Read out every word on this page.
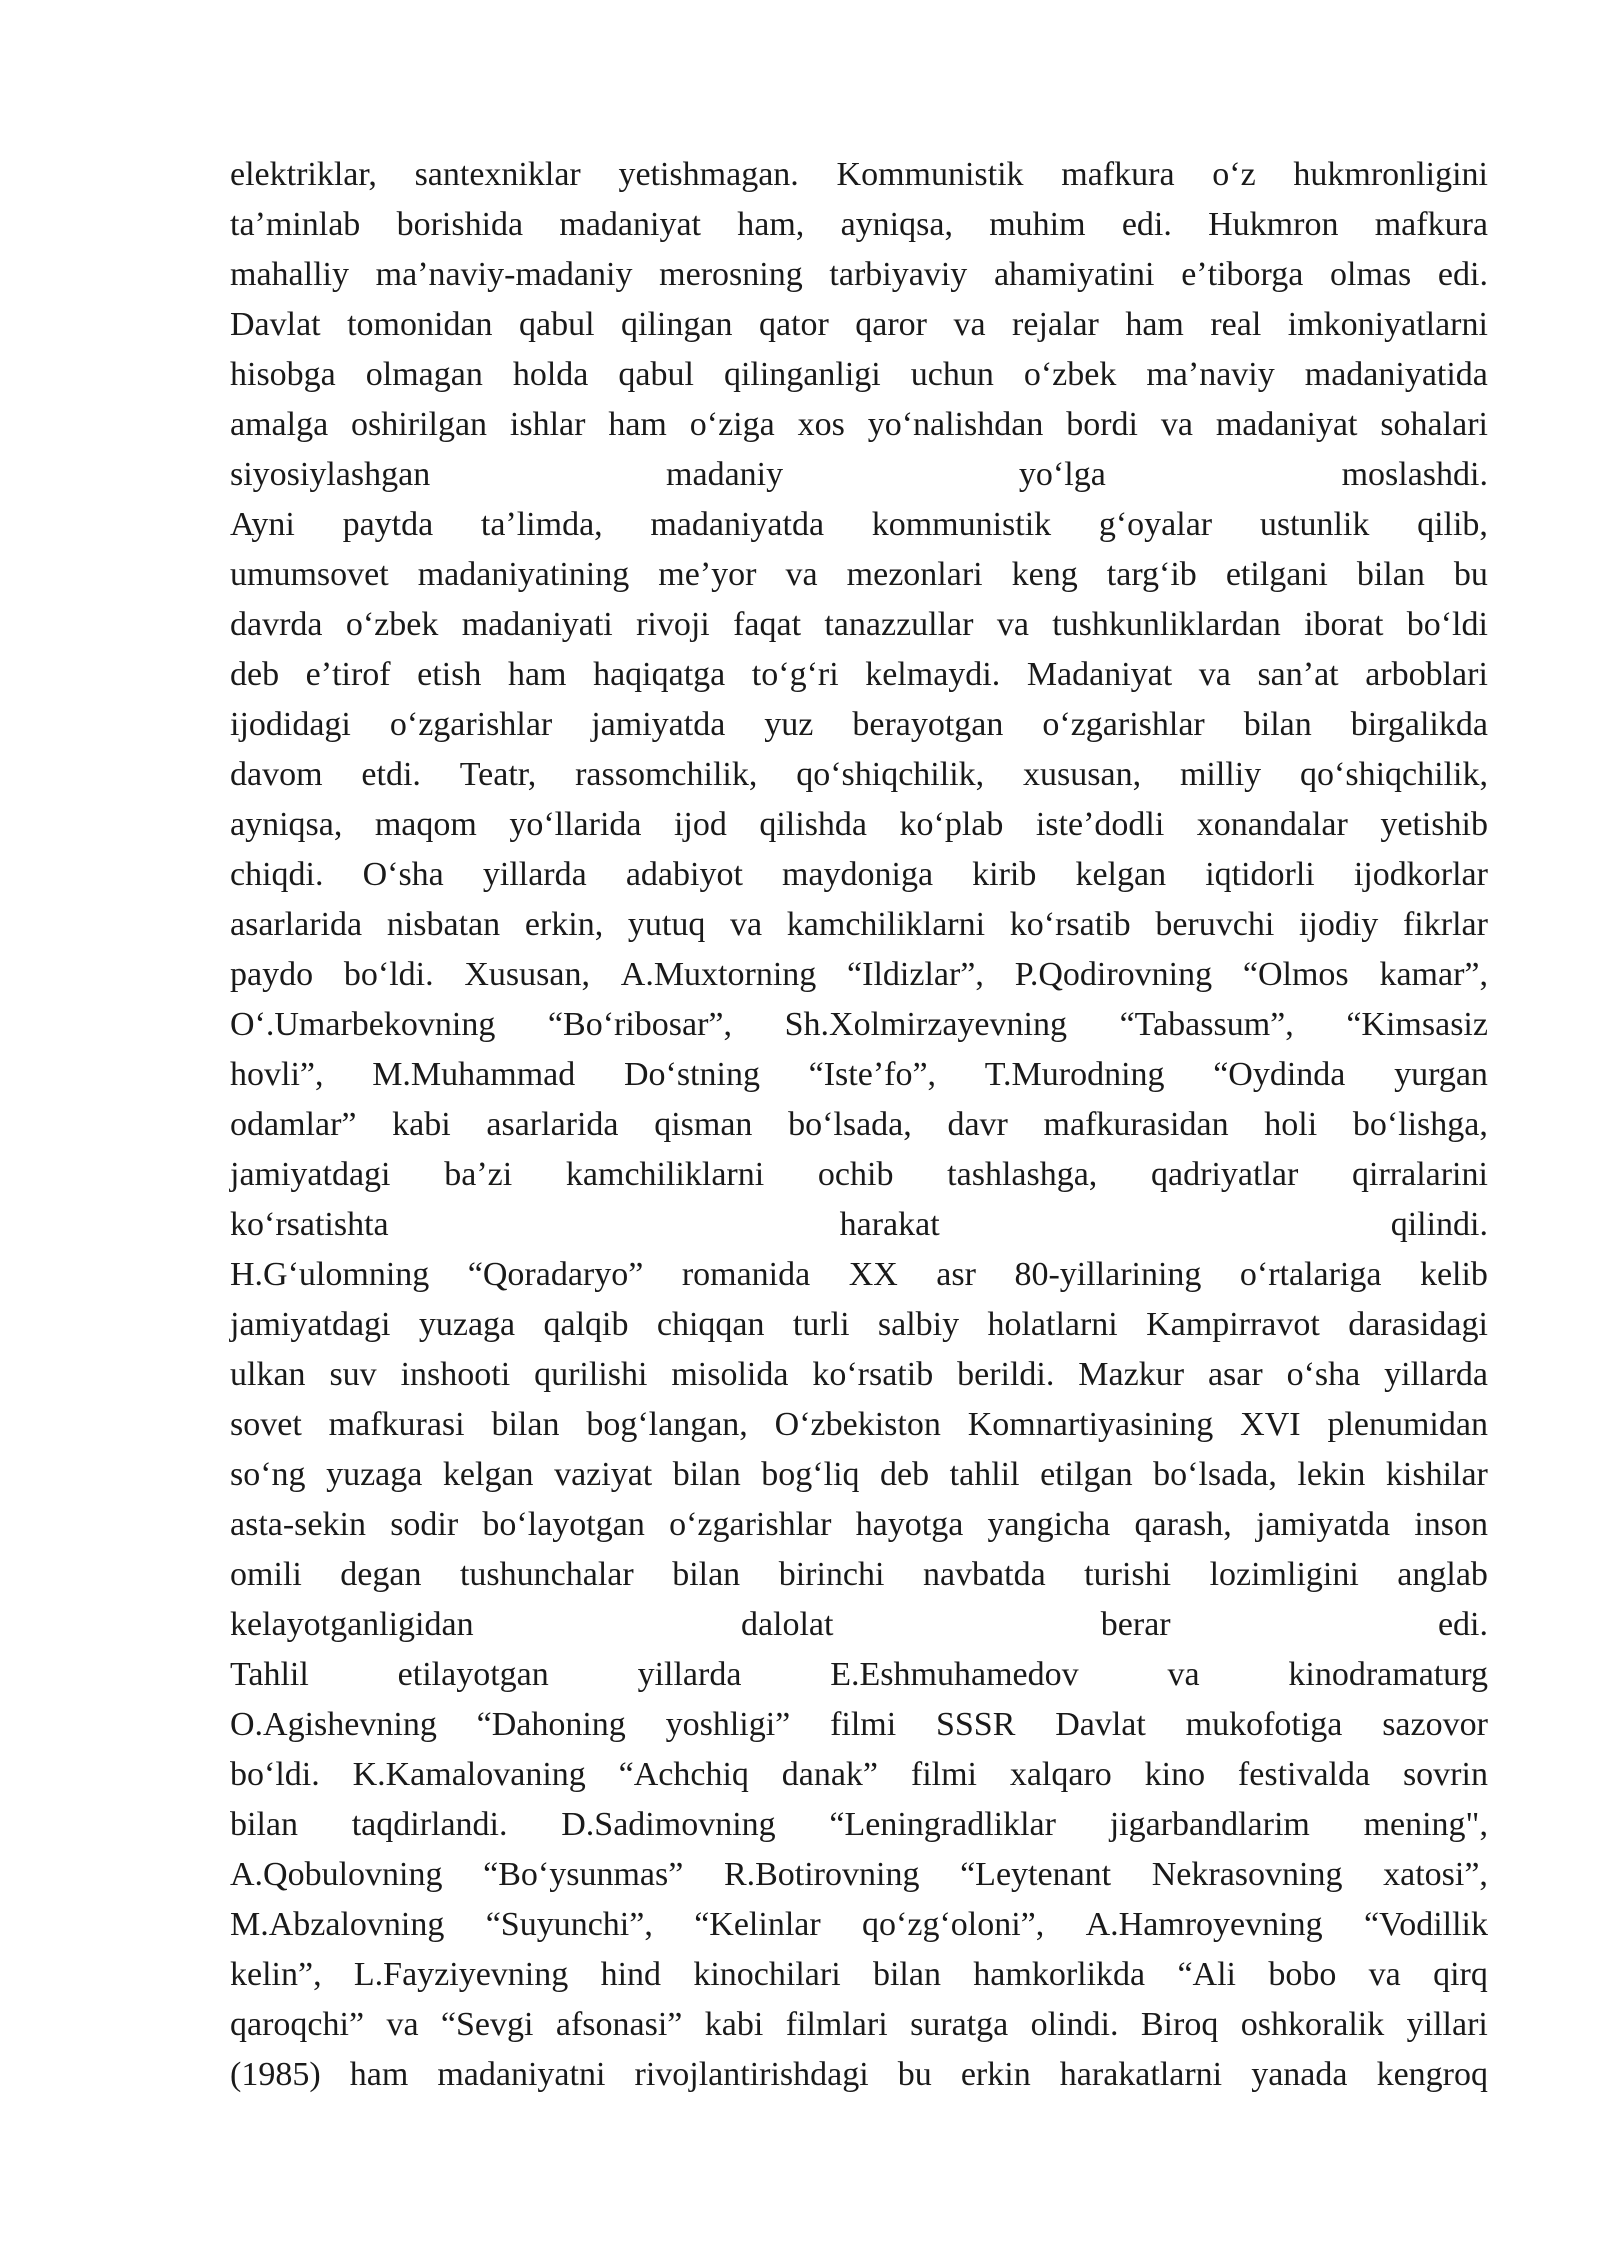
elektriklar, santexniklar yetishmagan. Kommunistik mafkura oʻz hukmronligini
taʼminlab borishida madaniyat ham, ayniqsa, muhim edi. Hukmron mafkura
mahalliy maʼnaviy-madaniy merosning tarbiyaviy ahamiyatini eʼtiborga olmas edi.
Davlat tomonidan qabul qilingan qator qaror va rejalar ham real imkoniyatlarni
hisobga olmagan holda qabul qilinganligi uchun oʻzbek maʼnaviy madaniyatida
amalga oshirilgan ishlar ham oʻziga xos yoʻnalishdan bordi va madaniyat sohalari
siyosiylashgan	madaniy	yoʻlga	moslashdi.
Ayni paytda taʼlimda, madaniyatda kommunistik gʻoyalar ustunlik qilib,
umumsovet madaniyatining meʼyor va mezonlari keng targʻib etilgani bilan bu
davrda oʻzbek madaniyati rivoji faqat tanazzullar va tushkunliklardan iborat boʻldi
deb eʼtirof etish ham haqiqatga toʻgʻri kelmaydi. Madaniyat va sanʼat arboblari
ijodidagi oʻzgarishlar jamiyatda yuz berayotgan oʻzgarishlar bilan birgalikda
davom etdi. Teatr, rassomchilik, qoʻshiqchilik, xususan, milliy qoʻshiqchilik,
ayniqsa, maqom yoʻllarida ijod qilishda koʻplab isteʼdodli xonandalar yetishib
chiqdi. Oʻsha yillarda adabiyot maydoniga kirib kelgan iqtidorli ijodkorlar
asarlarida nisbatan erkin, yutuq va kamchiliklarni koʻrsatib beruvchi ijodiy fikrlar
paydo boʻldi. Xususan, A.Muxtorning “Ildizlar”, P.Qodirovning “Olmos kamar”,
Oʻ.Umarbekovning “Boʻribosar”, Sh.Xolmirzayevning “Tabassum”, “Kimsasiz
hovli”, M.Muhammad Doʻstning “Isteʼfo”, T.Murodning “Oydinda yurgan
odamlar” kabi asarlarida qisman boʻlsada, davr mafkurasidan holi boʻlishga,
jamiyatdagi baʼzi kamchiliklarni ochib tashlashga, qadriyatlar qirralarini
koʻrsatishta	harakat	qilindi.
H.Gʻulomning “Qoradaryo” romanida XX asr 80-yillarining oʻrtalariga kelib
jamiyatdagi yuzaga qalqib chiqqan turli salbiy holatlarni Kampirravot darasidagi
ulkan suv inshooti qurilishi misolida koʻrsatib berildi. Mazkur asar oʻsha yillarda
sovet mafkurasi bilan bogʻlangan, Oʻzbekiston Komnartiyasining XVI plenumidan
soʻng yuzaga kelgan vaziyat bilan bogʻliq deb tahlil etilgan boʻlsada, lekin kishilar
asta-sekin sodir boʻlayotgan oʻzgarishlar hayotga yangicha qarash, jamiyatda inson
omili degan tushunchalar bilan birinchi navbatda turishi lozimligini anglab
kelayotganligidan	dalolat	berar	edi.
Tahlil	etilayotgan	yillarda	E.Eshmuhamedov	va	kinodramaturg
O.Agishevning “Dahoning yoshligi” filmi SSSR Davlat mukofotiga sazovor
boʻldi. K.Kamalovaning “Achchiq danak” filmi xalqaro kino festivalda sovrin
bilan taqdirlandi. D.Sadimovning “Leningradliklar jigarbandlarim mening",
A.Qobulovning “Boʻysunmas” R.Botirovning “Leytenant Nekrasovning xatosi”,
M.Abzalovning “Suyunchi”, “Kelinlar qoʻzgʻoloni”, A.Hamroyevning “Vodillik
kelin”, L.Fayziyevning hind kinochilari bilan hamkorlikda “Ali bobo va qirq
qaroqchi” va “Sevgi afsonasi” kabi filmlari suratga olindi. Biroq oshkoralik yillari
(1985) ham madaniyatni rivojlantirishdagi bu erkin harakatlarni yanada kengroq
